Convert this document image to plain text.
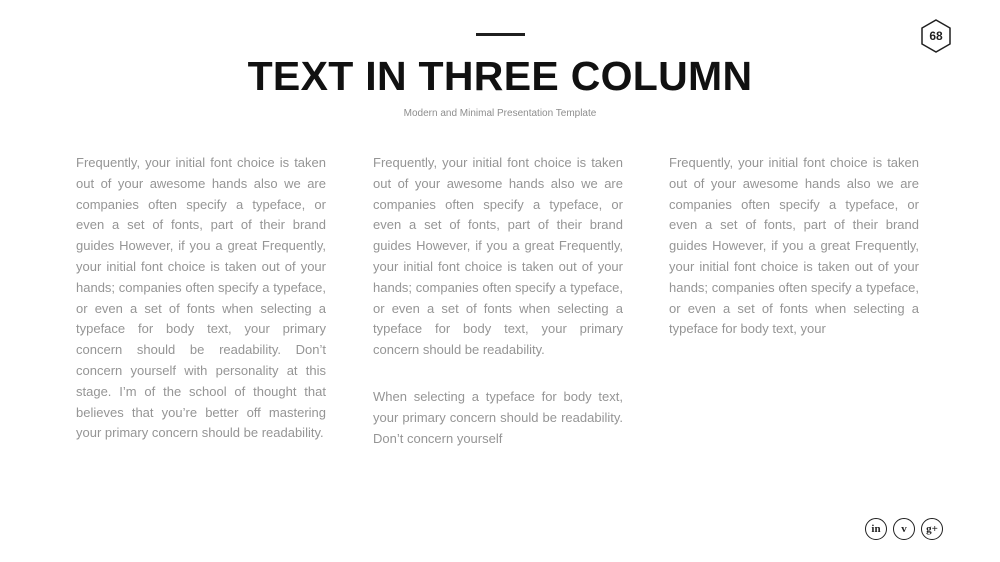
68
TEXT IN THREE COLUMN
Modern and Minimal Presentation Template

Frequently, your initial font choice is taken out of your awesome hands also we are companies often specify a typeface, or even a set of fonts, part of their brand guides However, if you a great Frequently, your initial font choice is taken out of your hands; companies often specify a typeface, or even a set of fonts when selecting a typeface for body text, your primary concern should be readability. Don’t concern yourself with personality at this stage. I’m of the school of thought that believes that you’re better off mastering your primary concern should be readability.

Frequently, your initial font choice is taken out of your awesome hands also we are companies often specify a typeface, or even a set of fonts, part of their brand guides However, if you a great Frequently, your initial font choice is taken out of your hands; companies often specify a typeface, or even a set of fonts when selecting a typeface for body text, your primary concern should be readability.

When selecting a typeface for body text, your primary concern should be readability. Don’t concern yourself

Frequently, your initial font choice is taken out of your awesome hands also we are companies often specify a typeface, or even a set of fonts, part of their brand guides However, if you a great Frequently, your initial font choice is taken out of your hands; companies often specify a typeface, or even a set of fonts when selecting a typeface for body text, your

in	v	g+
